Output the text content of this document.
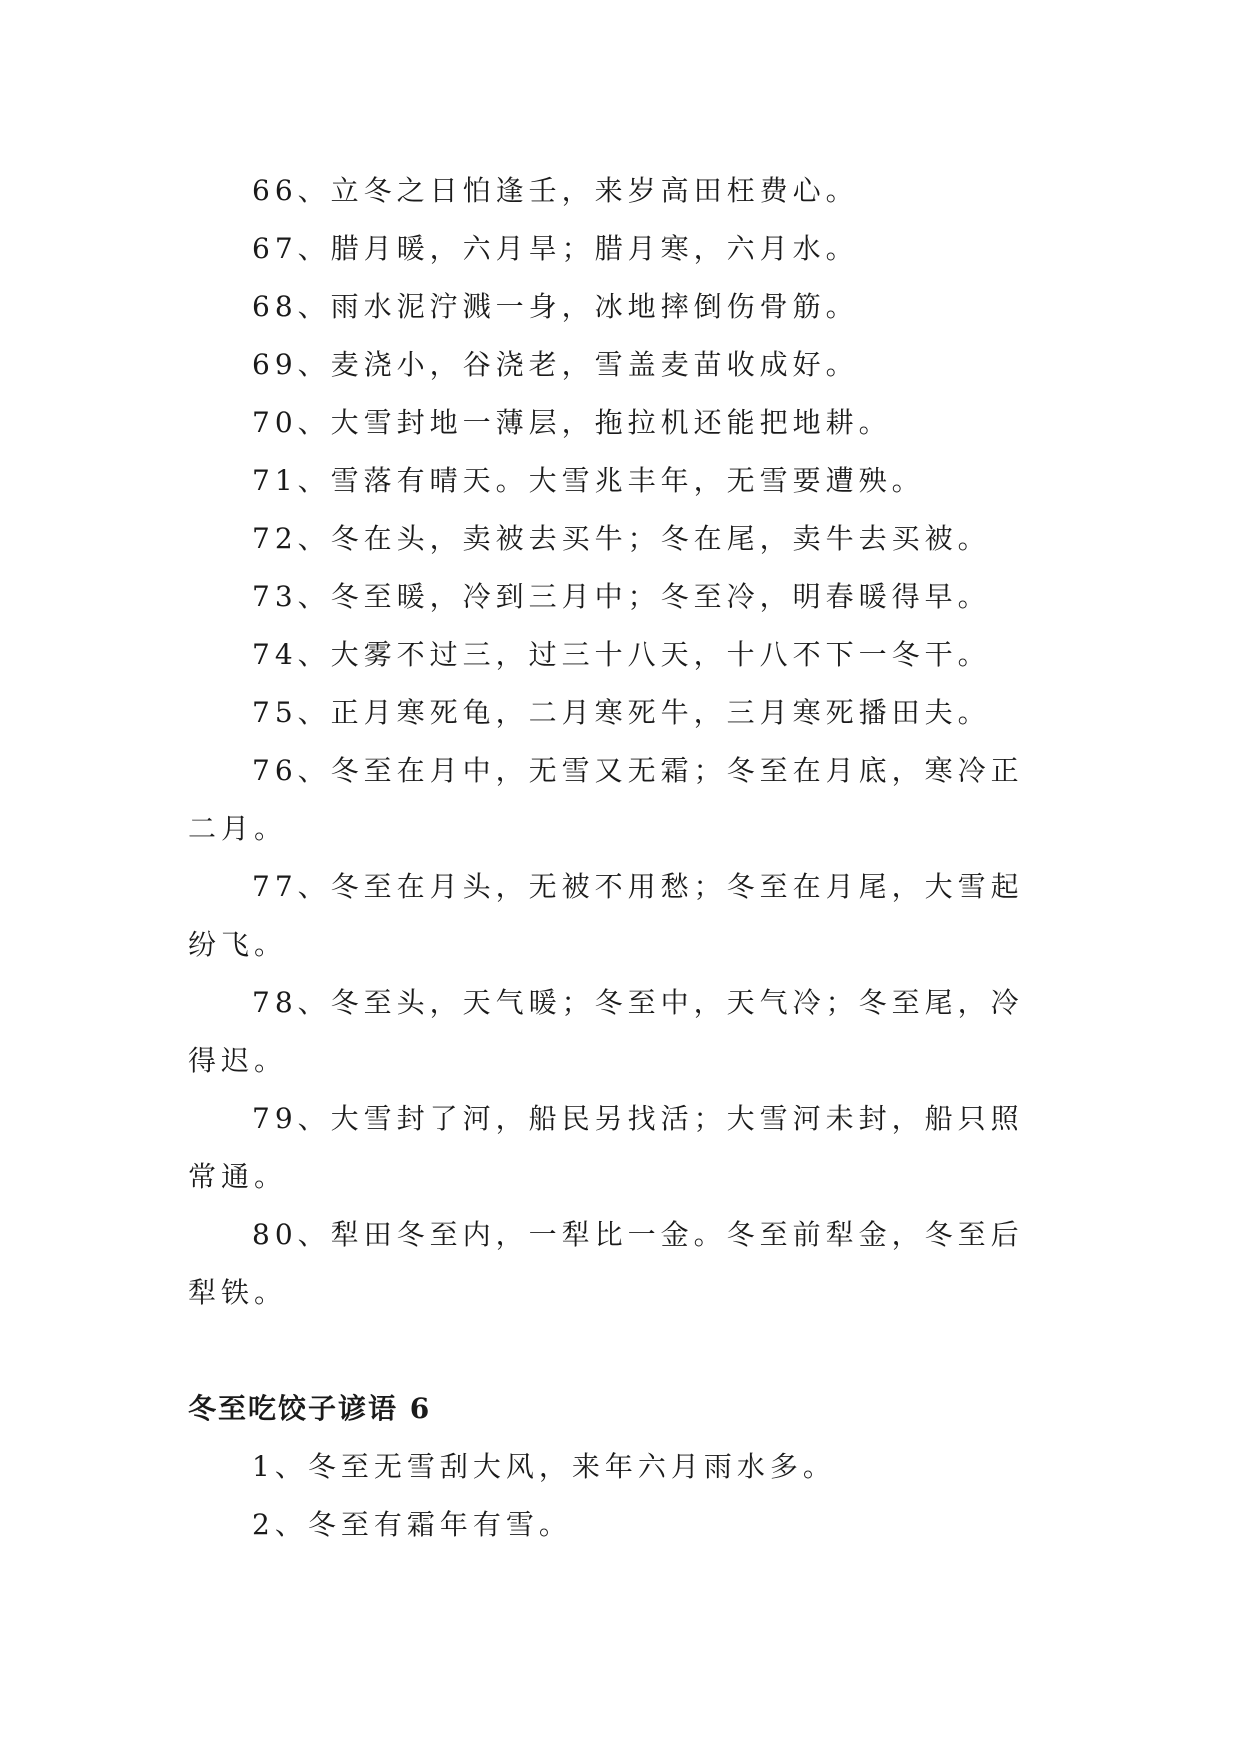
66、立冬之日怕逢壬，来岁高田枉费心。

67、腊月暖，六月旱；腊月寒，六月水。

68、雨水泥泞溅一身，冰地摔倒伤骨筋。

69、麦浇小，谷浇老，雪盖麦苗收成好。

70、大雪封地一薄层，拖拉机还能把地耕。

71、雪落有晴天。大雪兆丰年，无雪要遭殃。

72、冬在头，卖被去买牛；冬在尾，卖牛去买被。

73、冬至暖，冷到三月中；冬至冷，明春暖得早。

74、大雾不过三，过三十八天，十八不下一冬干。

75、正月寒死龟，二月寒死牛，三月寒死播田夫。

76、冬至在月中，无雪又无霜；冬至在月底，寒冷正二月。

77、冬至在月头，无被不用愁；冬至在月尾，大雪起纷飞。

78、冬至头，天气暖；冬至中，天气冷；冬至尾，冷得迟。

79、大雪封了河，船民另找活；大雪河未封，船只照常通。

80、犁田冬至内，一犁比一金。冬至前犁金，冬至后犁铁。

冬至吃饺子谚语 6

1、冬至无雪刮大风，来年六月雨水多。

2、冬至有霜年有雪。
